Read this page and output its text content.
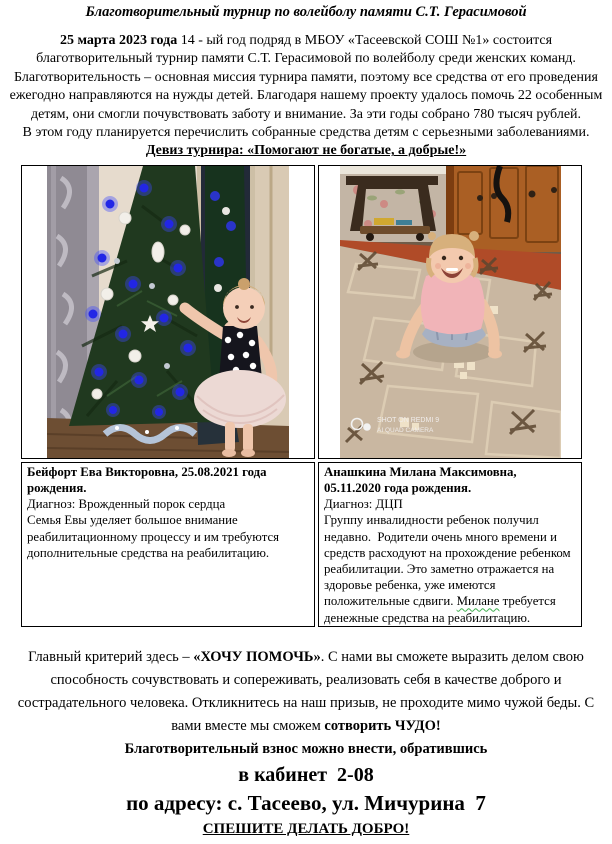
Благотворительный турнир по волейболу памяти С.Т. Герасимовой

25 марта 2023 года 14 - ый год подряд в МБОУ «Тасеевской СОШ №1» состоится благотворительный турнир памяти С.Т. Герасимовой по волейболу среди женских команд. Благотворительность – основная миссия турнира памяти, поэтому все средства от его проведения ежегодно направляются на нужды детей. Благодаря нашему проекту удалось помочь 22 особенным детям, они смогли почувствовать заботу и внимание. За эти годы собрано 780 тысяч рублей.

В этом году планируется перечислить собранные средства детям с серьезными заболеваниями.

Девиз турнира: «Помогают не богатые, а добрые!»

SHOT ON REDMI 9
AI QUAD CAMERA

Бейфорт Ева Викторовна, 25.08.2021 года рождения.
Диагноз: Врожденный порок сердца
Семья Евы уделяет большое внимание реабилитационному процессу и им требуются дополнительные средства на реабилитацию.

Анашкина Милана Максимовна, 05.11.2020 года рождения.
Диагноз: ДЦП
Группу инвалидности ребенок получил недавно.  Родители очень много времени и средств расходуют на прохождение ребенком реабилитации. Это заметно отражается на здоровье ребенка, уже имеются положительные сдвиги. Милане требуется денежные средства на реабилитацию.

Главный критерий здесь – «ХОЧУ ПОМОЧЬ». С нами вы сможете выразить делом свою способность сочувствовать и сопереживать, реализовать себя в качестве доброго и сострадательного человека. Откликнитесь на наш призыв, не проходите мимо чужой беды. С вами вместе мы сможем сотворить ЧУДО!

Благотворительный взнос можно внести, обратившись

в кабинет  2-08

по адресу: с. Тасеево, ул. Мичурина  7

СПЕШИТЕ ДЕЛАТЬ ДОБРО!
